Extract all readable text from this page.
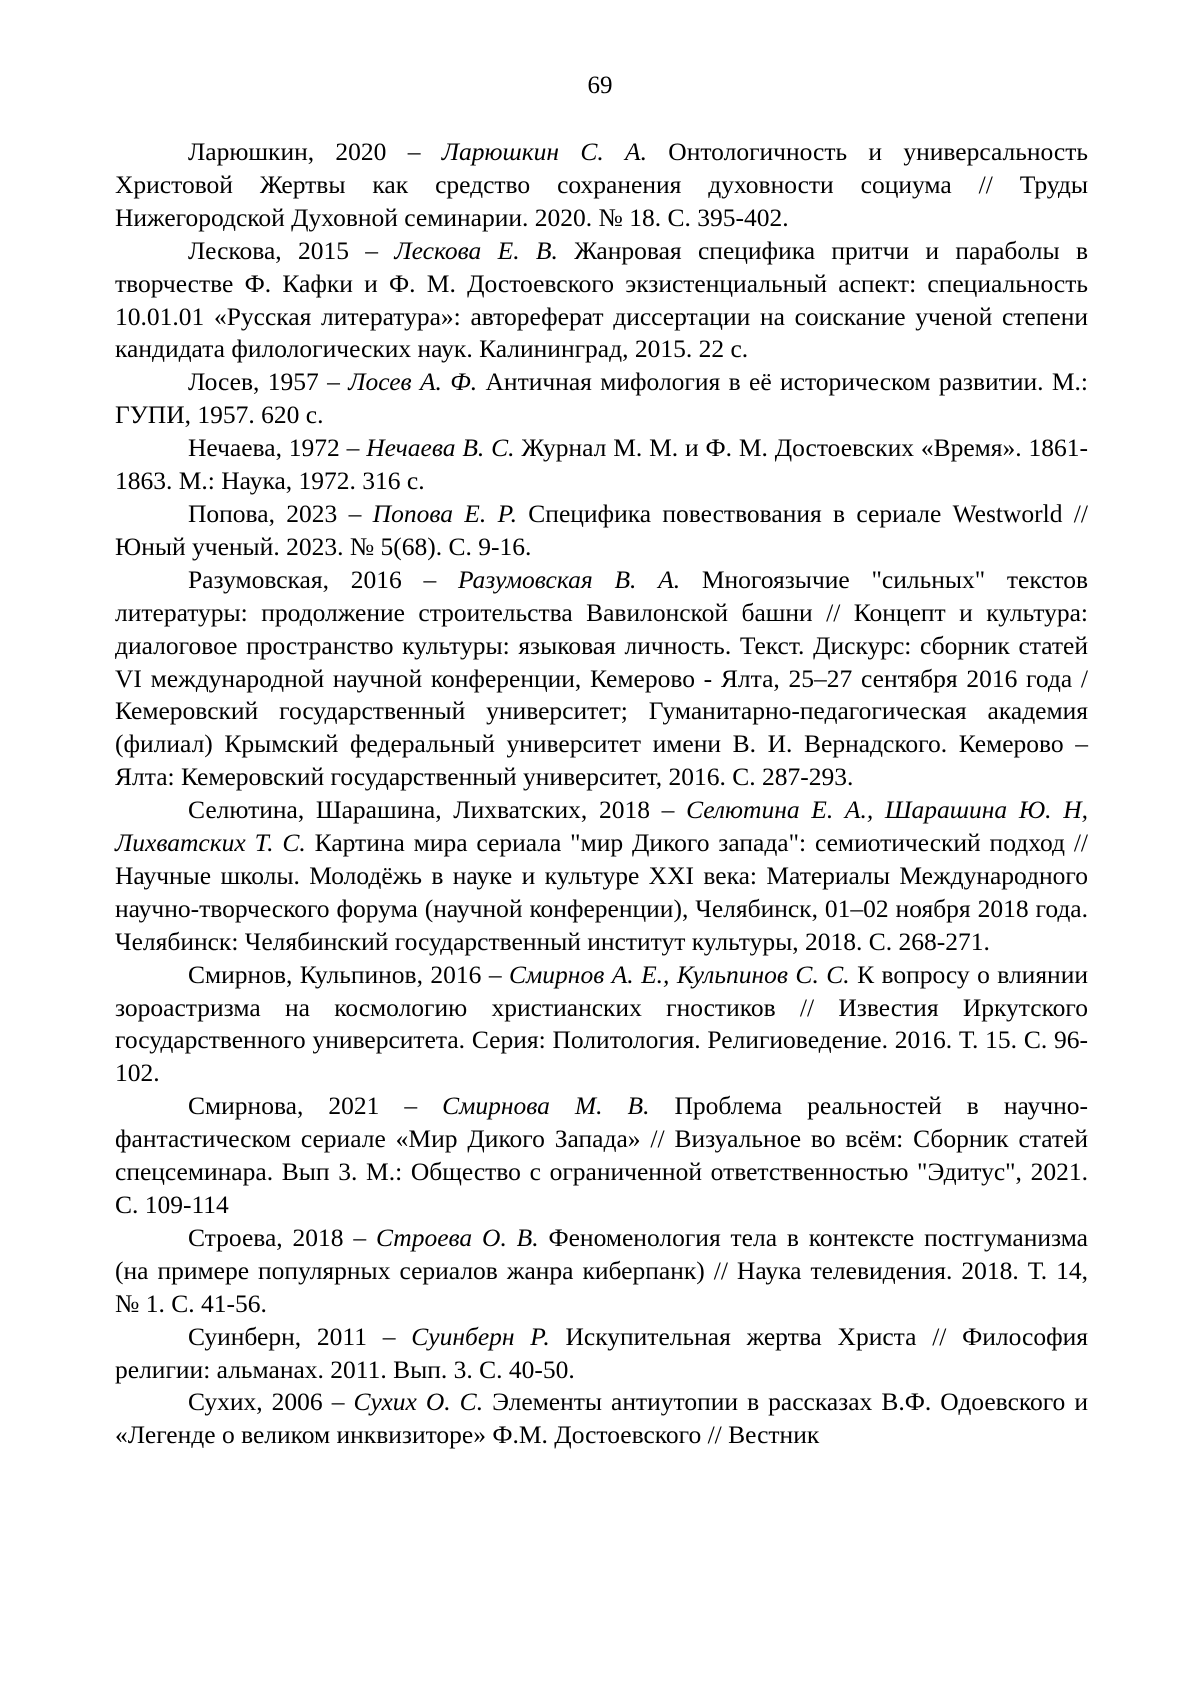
69

Ларюшкин, 2020 – Ларюшкин С. А. Онтологичность и универсальность Христовой Жертвы как средство сохранения духовности социума // Труды Нижегородской Духовной семинарии. 2020. № 18. С. 395-402.

Лескова, 2015 – Лескова Е. В. Жанровая специфика притчи и параболы в творчестве Ф. Кафки и Ф. М. Достоевского экзистенциальный аспект: специальность 10.01.01 «Русская литература»: автореферат диссертации на соискание ученой степени кандидата филологических наук. Калининград, 2015. 22 с.

Лосев, 1957 – Лосев А. Ф. Античная мифология в её историческом развитии. М.: ГУПИ, 1957. 620 с.

Нечаева, 1972 – Нечаева В. С. Журнал М. М. и Ф. М. Достоевских «Время». 1861-1863. М.: Наука, 1972. 316 с.

Попова, 2023 – Попова Е. Р. Специфика повествования в сериале Westworld // Юный ученый. 2023. № 5(68). С. 9-16.

Разумовская, 2016 – Разумовская В. А. Многоязычие "сильных" текстов литературы: продолжение строительства Вавилонской башни // Концепт и культура: диалоговое пространство культуры: языковая личность. Текст. Дискурс: сборник статей VI международной научной конференции, Кемерово - Ялта, 25–27 сентября 2016 года / Кемеровский государственный университет; Гуманитарно-педагогическая академия (филиал) Крымский федеральный университет имени В. И. Вернадского. Кемерово – Ялта: Кемеровский государственный университет, 2016. С. 287-293.

Селютина, Шарашина, Лихватских, 2018 – Селютина Е. А., Шарашина Ю. Н, Лихватских Т. С. Картина мира сериала "мир Дикого запада": семиотический подход // Научные школы. Молодёжь в науке и культуре XXI века: Материалы Международного научно-творческого форума (научной конференции), Челябинск, 01–02 ноября 2018 года. Челябинск: Челябинский государственный институт культуры, 2018. С. 268-271.

Смирнов, Кульпинов, 2016 – Смирнов А. Е., Кульпинов С. С. К вопросу о влиянии зороастризма на космологию христианских гностиков // Известия Иркутского государственного университета. Серия: Политология. Религиоведение. 2016. Т. 15. С. 96-102.

Смирнова, 2021 – Смирнова М. В. Проблема реальностей в научно-фантастическом сериале «Мир Дикого Запада» // Визуальное во всём: Сборник статей спецсеминара. Вып 3. М.: Общество с ограниченной ответственностью "Эдитус", 2021. С. 109-114

Строева, 2018 – Строева О. В. Феноменология тела в контексте постгуманизма (на примере популярных сериалов жанра киберпанк) // Наука телевидения. 2018. Т. 14, № 1. С. 41-56.

Суинберн, 2011 – Суинберн Р. Искупительная жертва Христа // Философия религии: альманах. 2011. Вып. 3. С. 40-50.

Сухих, 2006 – Сухих О. С. Элементы антиутопии в рассказах В.Ф. Одоевского и «Легенде о великом инквизиторе» Ф.М. Достоевского // Вестник
